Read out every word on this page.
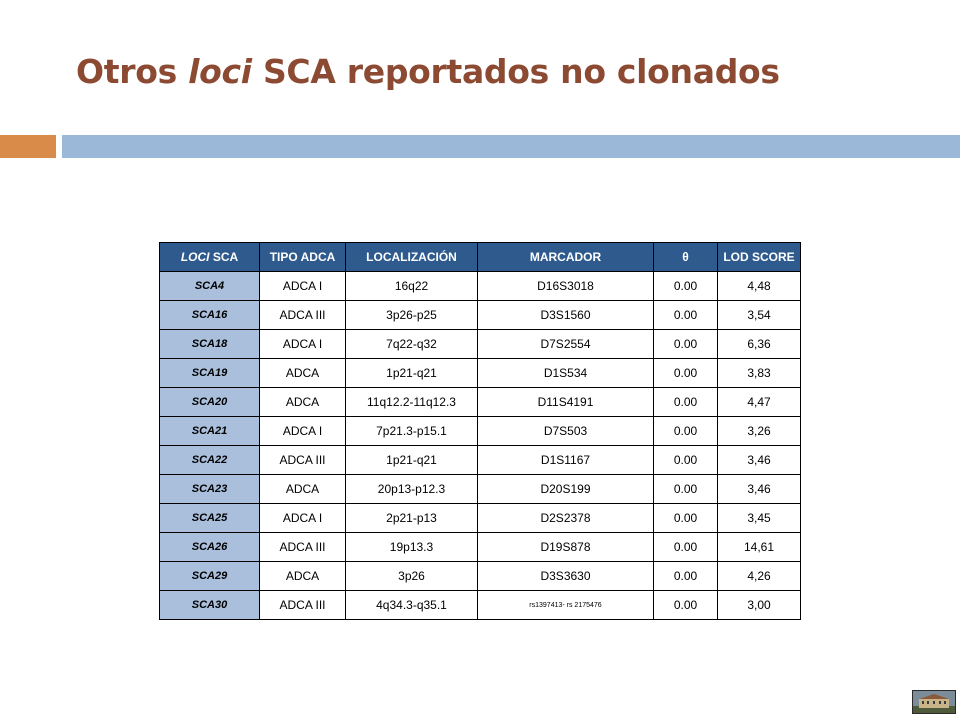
Otros loci SCA reportados no clonados
LOCI SCA	TIPO ADCA	LOCALIZACIÓN	MARCADOR	θ	LOD SCORE
SCA4	ADCA I	16q22	D16S3018	0.00	4,48
SCA16	ADCA III	3p26-p25	D3S1560	0.00	3,54
SCA18	ADCA I	7q22-q32	D7S2554	0.00	6,36
SCA19	ADCA	1p21-q21	D1S534	0.00	3,83
SCA20	ADCA	11q12.2-11q12.3	D11S4191	0.00	4,47
SCA21	ADCA I	7p21.3-p15.1	D7S503	0.00	3,26
SCA22	ADCA III	1p21-q21	D1S1167	0.00	3,46
SCA23	ADCA	20p13-p12.3	D20S199	0.00	3,46
SCA25	ADCA I	2p21-p13	D2S2378	0.00	3,45
SCA26	ADCA III	19p13.3	D19S878	0.00	14,61
SCA29	ADCA	3p26	D3S3630	0.00	4,26
SCA30	ADCA III	4q34.3-q35.1	rs1397413- rs 2175476	0.00	3,00
